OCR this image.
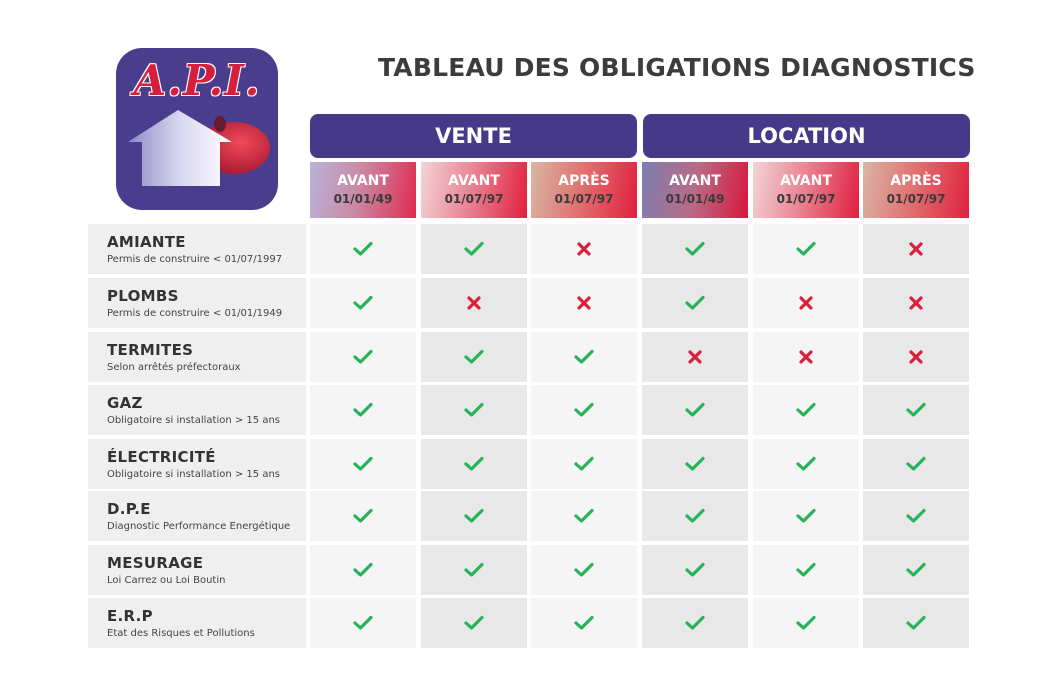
A.P.I.	TABLEAU DES OBLIGATIONS DIAGNOSTICS
VENTE	LOCATION
AVANT
01/01/49
AVANT
01/07/97
APRÈS
01/07/97
AVANT
01/01/49
AVANT
01/07/97
APRÈS
01/07/97
AMIANTE
Permis de construire < 01/07/1997
PLOMBS
Permis de construire < 01/01/1949
TERMITES
Selon arrêtés préfectoraux
GAZ
Obligatoire si installation > 15 ans
ÉLECTRICITÉ
Obligatoire si installation > 15 ans
D.P.E
Diagnostic Performance Energétique
MESURAGE
Loi Carrez ou Loi Boutin
E.R.P
Etat des Risques et Pollutions
